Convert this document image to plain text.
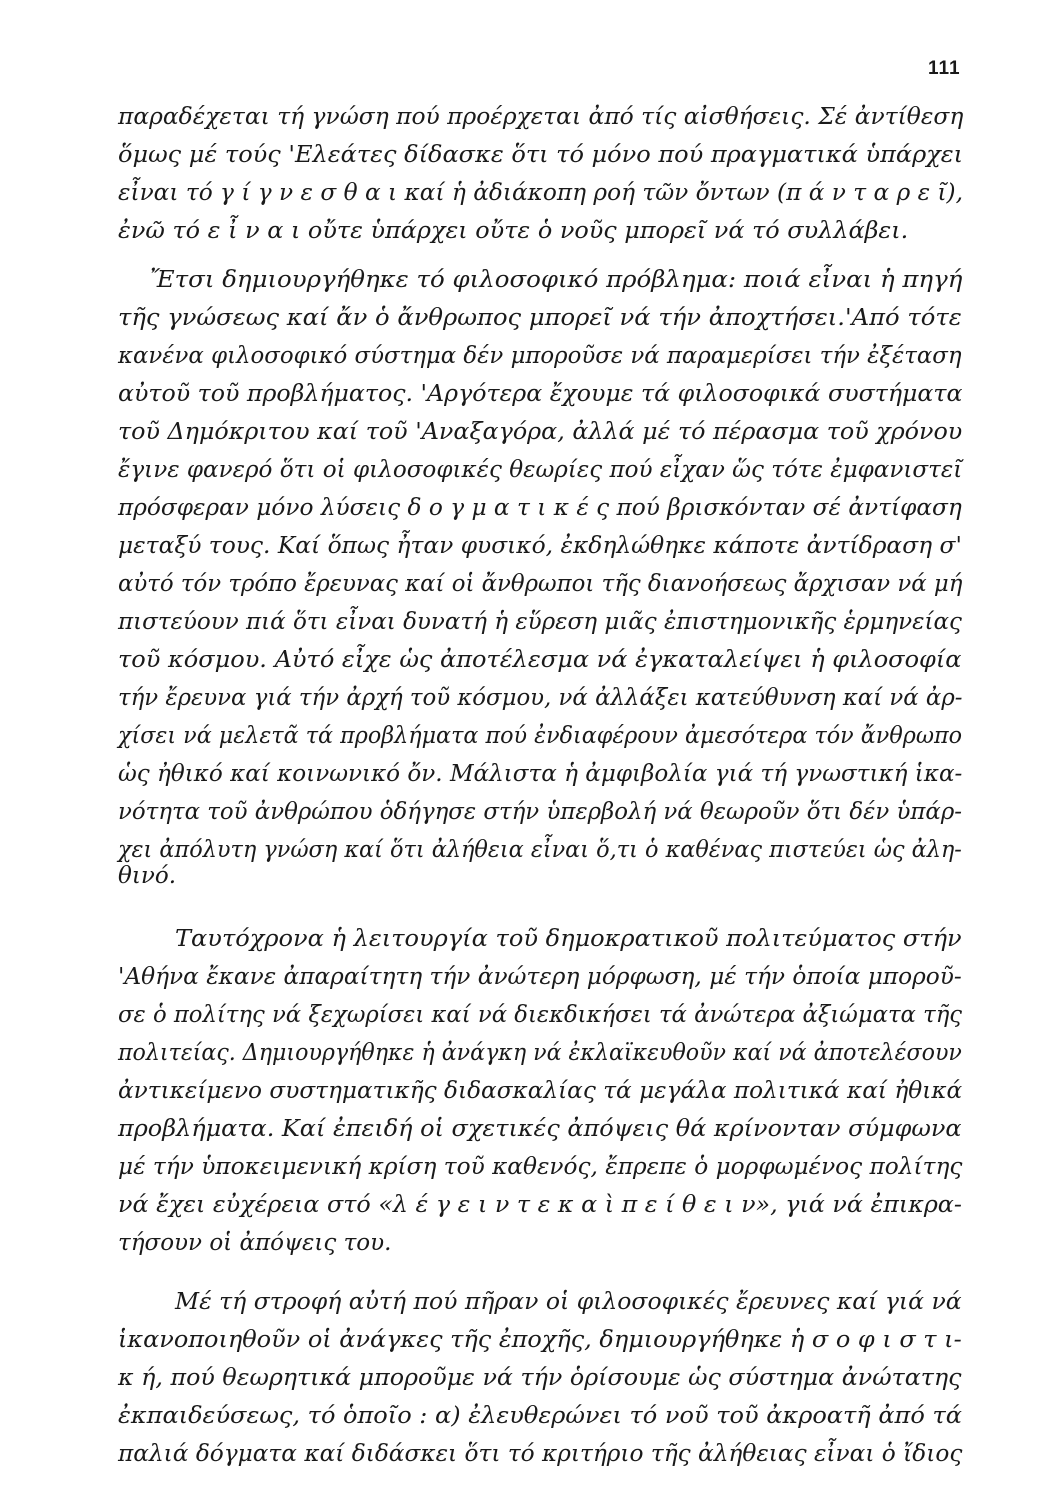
111
παραδέχεται τή γνώση πού προέρχεται ἀπό τίς αἰσθήσεις. Σέ ἀντίθεση
ὅμως μέ τούς 'Ελεάτες δίδασκε ὅτι τό μόνο πού πραγματικά ὑπάρχει
εἶναι τό γ ί γ ν ε σ θ α ι καί ἡ ἀδιάκοπη ροή τῶν ὄντων (π ά ν τ α ρ ε ῖ),
ἐνῶ τό ε ἶ ν α ι οὔτε ὑπάρχει οὔτε ὁ νοῦς μπορεῖ νά τό συλλάβει.
Ἔτσι δημιουργήθηκε τό φιλοσοφικό πρόβλημα: ποιά εἶναι ἡ πηγή
τῆς γνώσεως καί ἄν ὁ ἄνθρωπος μπορεῖ νά τήν ἀποχτήσει.'Από τότε
κανένα φιλοσοφικό σύστημα δέν μποροῦσε νά παραμερίσει τήν ἐξέταση
αὐτοῦ τοῦ προβλήματος. 'Αργότερα ἔχουμε τά φιλοσοφικά συστήματα
τοῦ Δημόκριτου καί τοῦ 'Αναξαγόρα, ἀλλά μέ τό πέρασμα τοῦ χρόνου
ἔγινε φανερό ὅτι οἱ φιλοσοφικές θεωρίες πού εἶχαν ὥς τότε ἐμφανιστεῖ
πρόσφεραν μόνο λύσεις δ ο γ μ α τ ι κ έ ς πού βρισκόνταν σέ ἀντίφαση
μεταξύ τους. Καί ὅπως ἦταν φυσικό, ἐκδηλώθηκε κάποτε ἀντίδραση σ'
αὐτό τόν τρόπο ἔρευνας καί οἱ ἄνθρωποι τῆς διανοήσεως ἄρχισαν νά μή
πιστεύουν πιά ὅτι εἶναι δυνατή ἡ εὕρεση μιᾶς ἐπιστημονικῆς ἑρμηνείας
τοῦ κόσμου. Αὐτό εἶχε ὡς ἀποτέλεσμα νά ἐγκαταλείψει ἡ φιλοσοφία
τήν ἔρευνα γιά τήν ἀρχή τοῦ κόσμου, νά ἀλλάξει κατεύθυνση καί νά ἀρ-
χίσει νά μελετᾶ τά προβλήματα πού ἐνδιαφέρουν ἀμεσότερα τόν ἄνθρωπο
ὡς ἠθικό καί κοινωνικό ὄν. Μάλιστα ἡ ἀμφιβολία γιά τή γνωστική ἱκα-
νότητα τοῦ ἀνθρώπου ὁδήγησε στήν ὑπερβολή νά θεωροῦν ὅτι δέν ὑπάρ-
χει ἀπόλυτη γνώση καί ὅτι ἀλήθεια εἶναι ὅ,τι ὁ καθένας πιστεύει ὡς ἀλη-
θινό.
Ταυτόχρονα ἡ λειτουργία τοῦ δημοκρατικοῦ πολιτεύματος στήν
'Αθήνα ἔκανε ἀπαραίτητη τήν ἀνώτερη μόρφωση, μέ τήν ὁποία μποροῦ-
σε ὁ πολίτης νά ξεχωρίσει καί νά διεκδικήσει τά ἀνώτερα ἀξιώματα τῆς
πολιτείας. Δημιουργήθηκε ἡ ἀνάγκη νά ἐκλαϊκευθοῦν καί νά ἀποτελέσουν
ἀντικείμενο συστηματικῆς διδασκαλίας τά μεγάλα πολιτικά καί ἠθικά
προβλήματα. Καί ἐπειδή οἱ σχετικές ἀπόψεις θά κρίνονταν σύμφωνα
μέ τήν ὑποκειμενική κρίση τοῦ καθενός, ἔπρεπε ὁ μορφωμένος πολίτης
νά ἔχει εὐχέρεια στό «λ έ γ ε ι ν τ ε κ α ὶ π ε ί θ ε ι ν», γιά νά ἐπικρα-
τήσουν οἱ ἀπόψεις του.
Μέ τή στροφή αὐτή πού πῆραν οἱ φιλοσοφικές ἔρευνες καί γιά νά
ἱκανοποιηθοῦν οἱ ἀνάγκες τῆς ἐποχῆς, δημιουργήθηκε ἡ σ ο φ ι σ τ ι-
κ ή, πού θεωρητικά μποροῦμε νά τήν ὁρίσουμε ὡς σύστημα ἀνώτατης
ἐκπαιδεύσεως, τό ὁποῖο : α) ἐλευθερώνει τό νοῦ τοῦ ἀκροατῆ ἀπό τά
παλιά δόγματα καί διδάσκει ὅτι τό κριτήριο τῆς ἀλήθειας εἶναι ὁ ἴδιος
